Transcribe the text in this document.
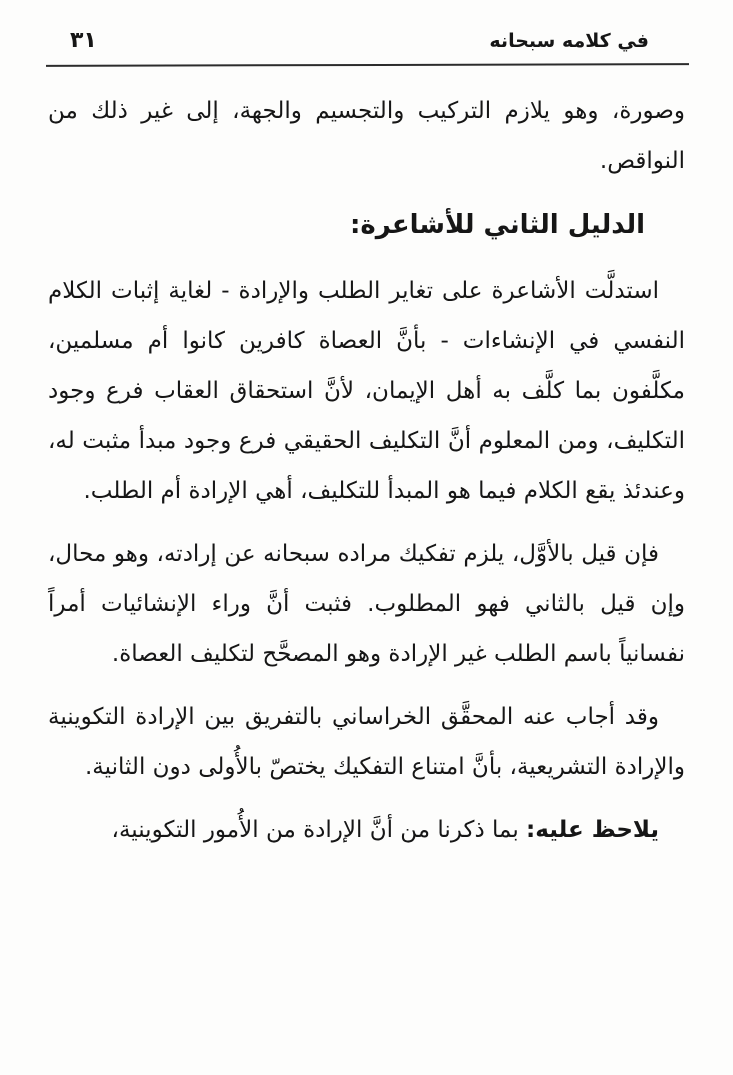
في كلامه سبحانه
٣١

وصورة، وهو يلازم التركيب والتجسيم والجهة، إلى غير ذلك من النواقص.

الدليل الثاني للأشاعرة:

استدلَّت الأشاعرة على تغاير الطلب والإرادة - لغاية إثبات الكلام النفسي في الإنشاءات - بأنَّ العصاة كافرين كانوا أم مسلمين، مكلَّفون بما كلَّف به أهل الإيمان، لأنَّ استحقاق العقاب فرع وجود التكليف، ومن المعلوم أنَّ التكليف الحقيقي فرع وجود مبدأ مثبت له، وعندئذ يقع الكلام فيما هو المبدأ للتكليف، أهي الإرادة أم الطلب.

فإن قيل بالأوَّل، يلزم تفكيك مراده سبحانه عن إرادته، وهو محال، وإن قيل بالثاني فهو المطلوب. فثبت أنَّ وراء الإنشائيات أمراً نفسانياً باسم الطلب غير الإرادة وهو المصحَّح لتكليف العصاة.

وقد أجاب عنه المحقَّق الخراساني بالتفريق بين الإرادة التكوينية والإرادة التشريعية، بأنَّ امتناع التفكيك يختصّ بالأُولى دون الثانية.

يلاحظ عليه: بما ذكرنا من أنَّ الإرادة من الأُمور التكوينية،
